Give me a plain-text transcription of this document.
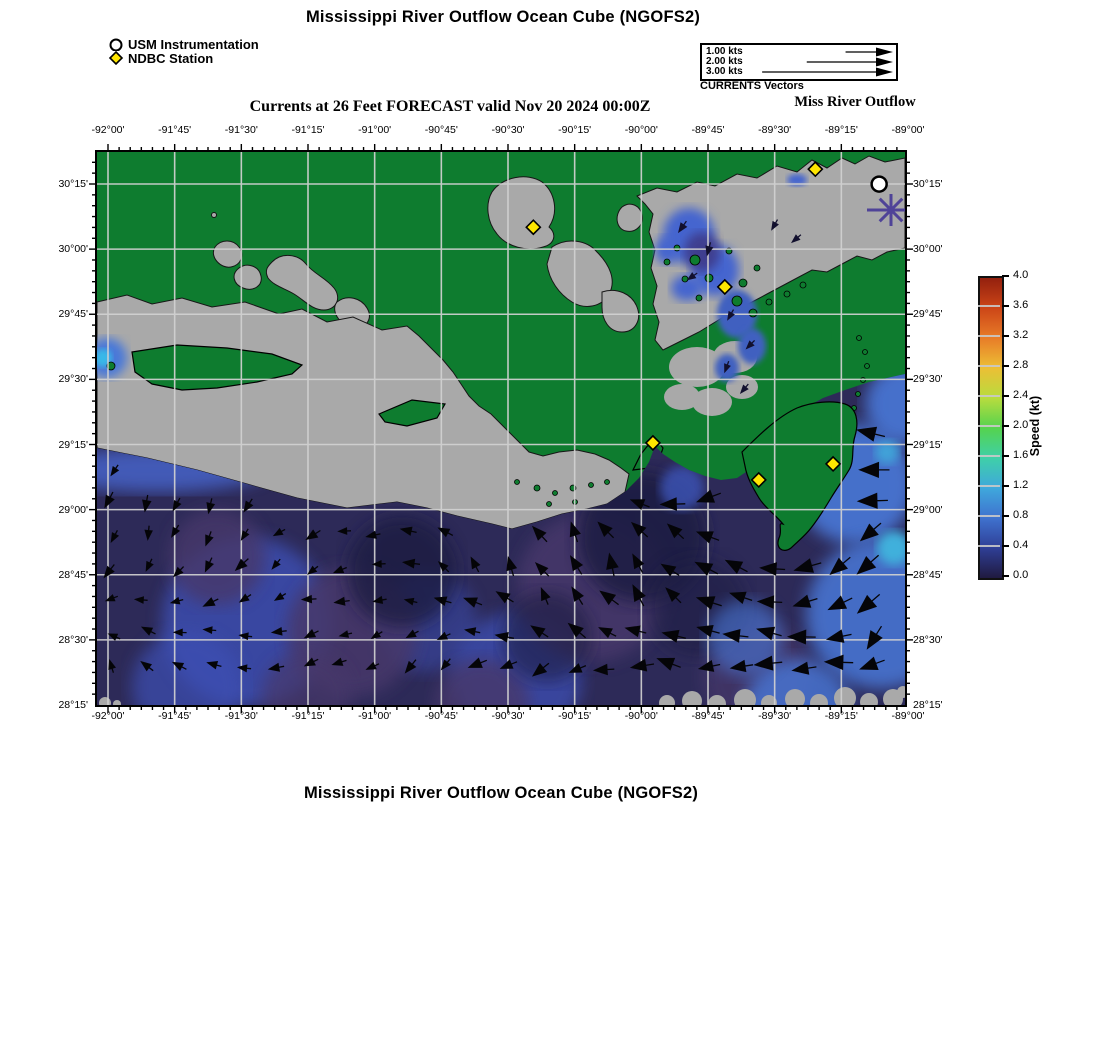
Mississippi River Outflow Ocean Cube (NGOFS2)
USM Instrumentation
NDBC Station	1.00 kts
2.00 kts
3.00 kts
CURRENTS Vectors
Currents at 26 Feet FORECAST valid Nov 20 2024 00:00Z	Miss River Outflow
-92°00'	-91°45'	-91°30'	-91°15'	-91°00'	-90°45'	-90°30'	-90°15'	-90°00'	-89°45'	-89°30'	-89°15'	-89°00'
-92°00'	-91°45'	-91°30'	-91°15'	-91°00'	-90°45'	-90°30'	-90°15'	-90°00'	-89°45'	-89°30'	-89°15'	-89°00'
30°15'
30°00'
29°45'
29°30'
29°15'
29°00'
28°45'
28°30'
28°15'
30°15'
30°00'
29°45'
29°30'
29°15'
29°00'
28°45'
28°30'
28°15'
4.0
3.6
3.2
2.8
2.4
2.0
1.6
1.2
0.8
0.4
0.0
Speed (kt)
Mississippi River Outflow Ocean Cube (NGOFS2)
